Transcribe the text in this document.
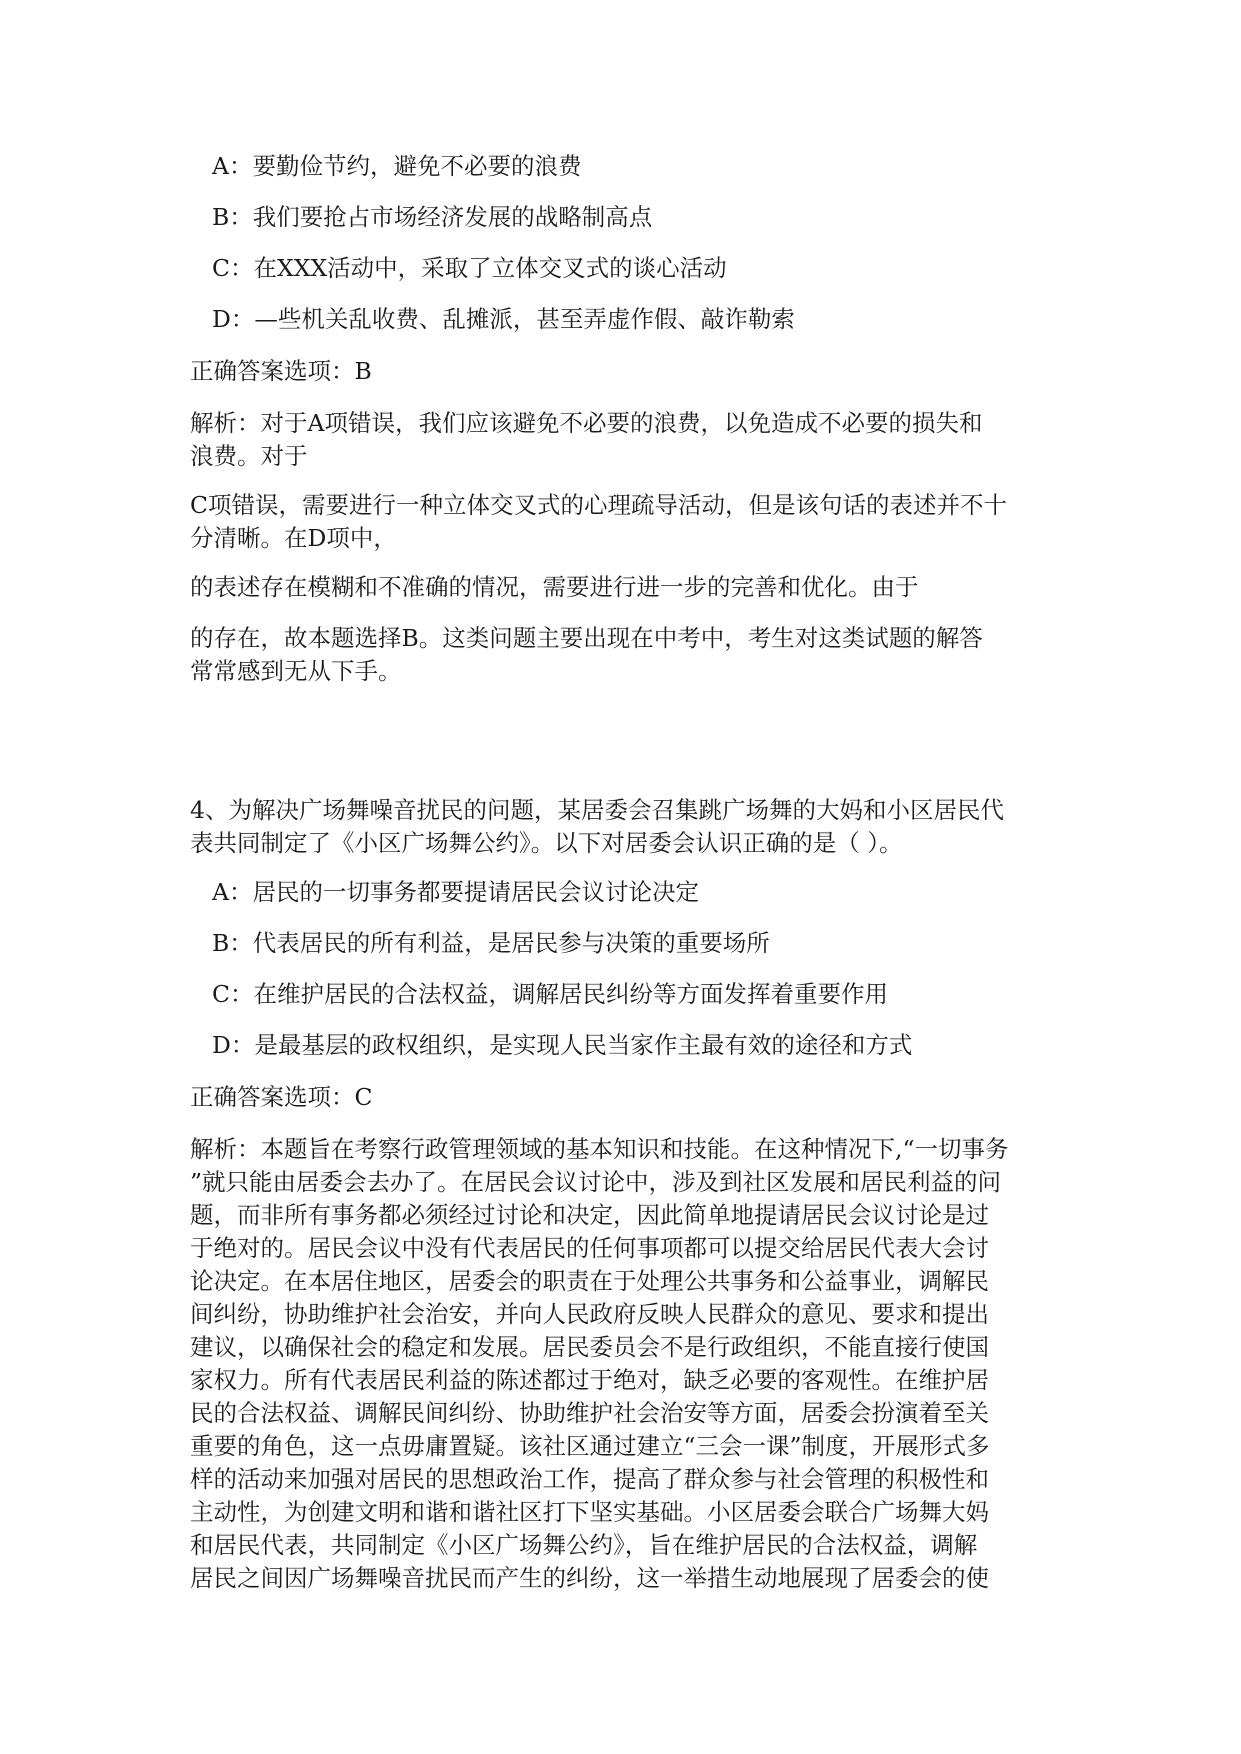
A：要勤俭节约，避免不必要的浪费

B：我们要抢占市场经济发展的战略制高点

C：在XXX活动中，采取了立体交叉式的谈心活动

D：—些机关乱收费、乱摊派，甚至弄虚作假、敲诈勒索

正确答案选项：B

解析：对于A项错误，我们应该避免不必要的浪费，以免造成不必要的损失和
浪费。对于
C项错误，需要进行一种立体交叉式的心理疏导活动，但是该句话的表述并不十
分清晰。在D项中，
的表述存在模糊和不准确的情况，需要进行进一步的完善和优化。由于
的存在，故本题选择B。这类问题主要出现在中考中，考生对这类试题的解答
常常感到无从下手。
4、为解决广场舞噪音扰民的问题，某居委会召集跳广场舞的大妈和小区居民代
表共同制定了《小区广场舞公约》。以下对居委会认识正确的是（ ）。

A：居民的一切事务都要提请居民会议讨论决定

B：代表居民的所有利益，是居民参与决策的重要场所

C：在维护居民的合法权益，调解居民纠纷等方面发挥着重要作用

D：是最基层的政权组织，是实现人民当家作主最有效的途径和方式

正确答案选项：C

解析：本题旨在考察行政管理领域的基本知识和技能。在这种情况下,“一切事务
”就只能由居委会去办了。在居民会议讨论中，涉及到社区发展和居民利益的问
题，而非所有事务都必须经过讨论和决定，因此简单地提请居民会议讨论是过
于绝对的。居民会议中没有代表居民的任何事项都可以提交给居民代表大会讨
论决定。在本居住地区，居委会的职责在于处理公共事务和公益事业，调解民
间纠纷，协助维护社会治安，并向人民政府反映人民群众的意见、要求和提出
建议，以确保社会的稳定和发展。居民委员会不是行政组织，不能直接行使国
家权力。所有代表居民利益的陈述都过于绝对，缺乏必要的客观性。在维护居
民的合法权益、调解民间纠纷、协助维护社会治安等方面，居委会扮演着至关
重要的角色，这一点毋庸置疑。该社区通过建立“三会一课”制度，开展形式多
样的活动来加强对居民的思想政治工作，提高了群众参与社会管理的积极性和
主动性，为创建文明和谐和谐社区打下坚实基础。小区居委会联合广场舞大妈
和居民代表，共同制定《小区广场舞公约》，旨在维护居民的合法权益，调解
居民之间因广场舞噪音扰民而产生的纠纷，这一举措生动地展现了居委会的使
